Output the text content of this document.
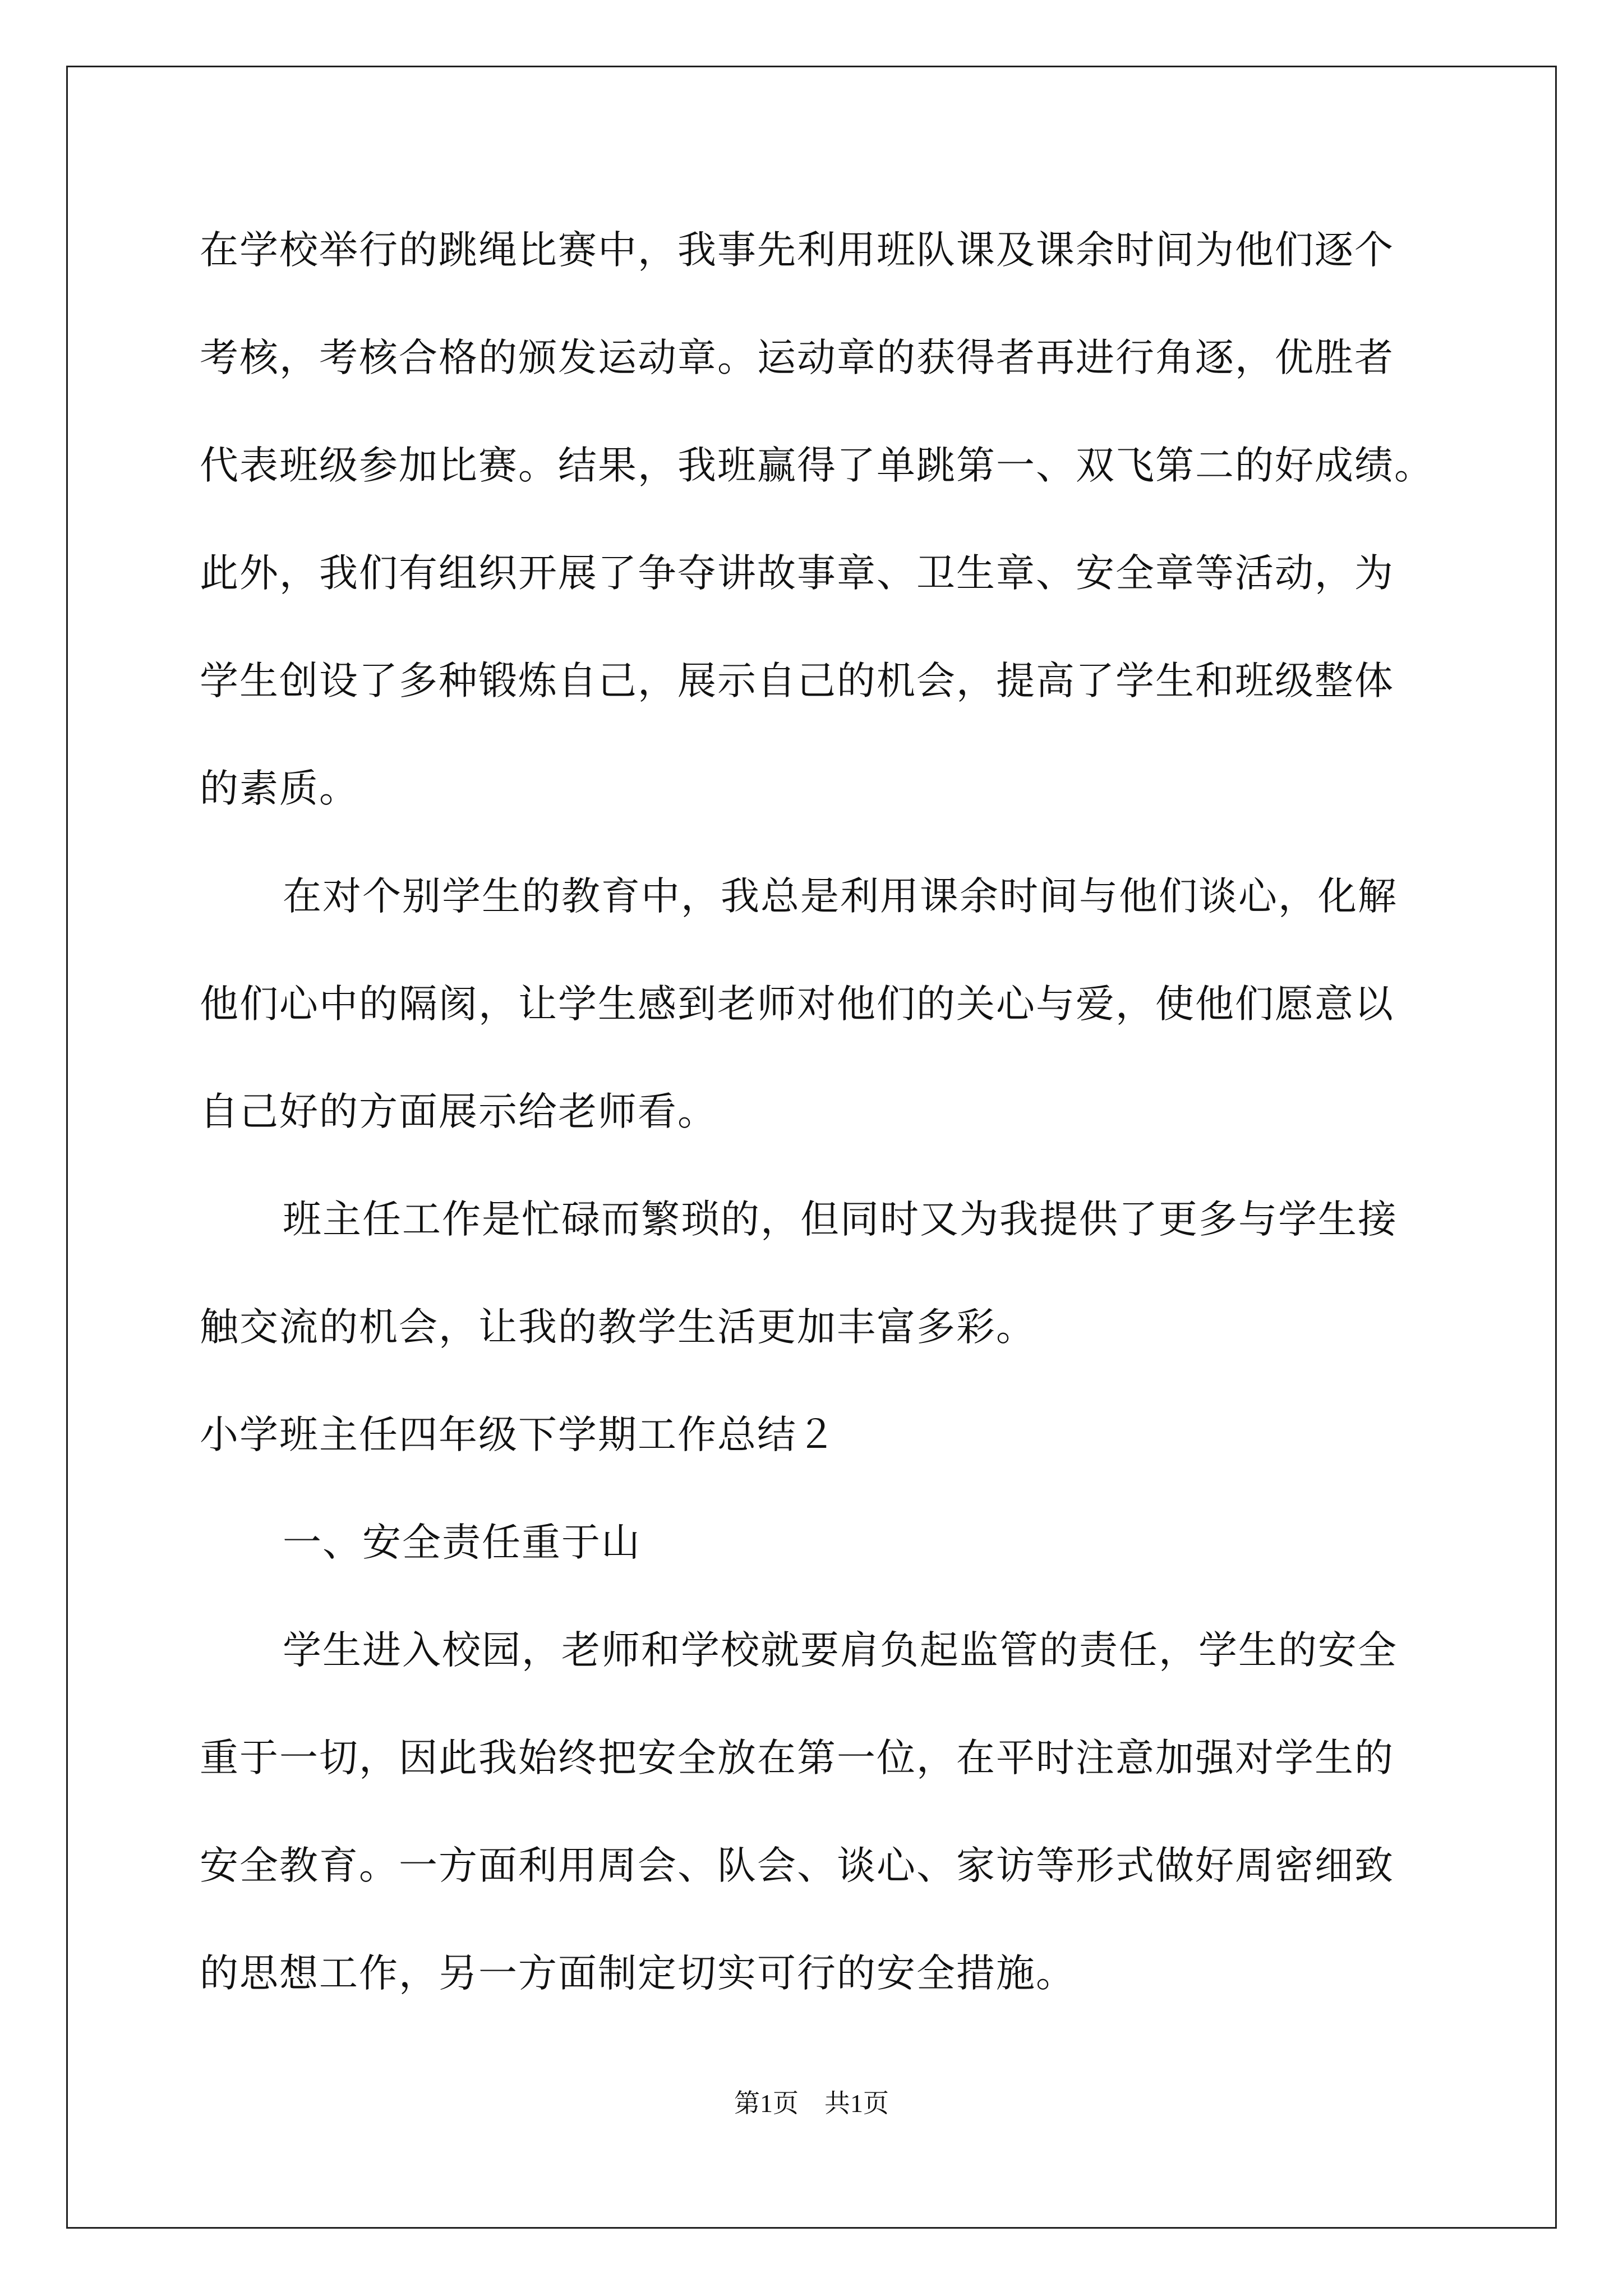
在学校举行的跳绳比赛中，我事先利用班队课及课余时间为他们逐个
考核，考核合格的颁发运动章。运动章的获得者再进行角逐，优胜者
代表班级参加比赛。结果，我班赢得了单跳第一、双飞第二的好成绩。
此外，我们有组织开展了争夺讲故事章、卫生章、安全章等活动，为
学生创设了多种锻炼自己，展示自己的机会，提高了学生和班级整体
的素质。
在对个别学生的教育中，我总是利用课余时间与他们谈心，化解
他们心中的隔阂，让学生感到老师对他们的关心与爱，使他们愿意以
自己好的方面展示给老师看。
班主任工作是忙碌而繁琐的，但同时又为我提供了更多与学生接
触交流的机会，让我的教学生活更加丰富多彩。
小学班主任四年级下学期工作总结２
一、安全责任重于山
学生进入校园，老师和学校就要肩负起监管的责任，学生的安全
重于一切，因此我始终把安全放在第一位，在平时注意加强对学生的
安全教育。一方面利用周会、队会、谈心、家访等形式做好周密细致
的思想工作，另一方面制定切实可行的安全措施。
第1页　共1页
